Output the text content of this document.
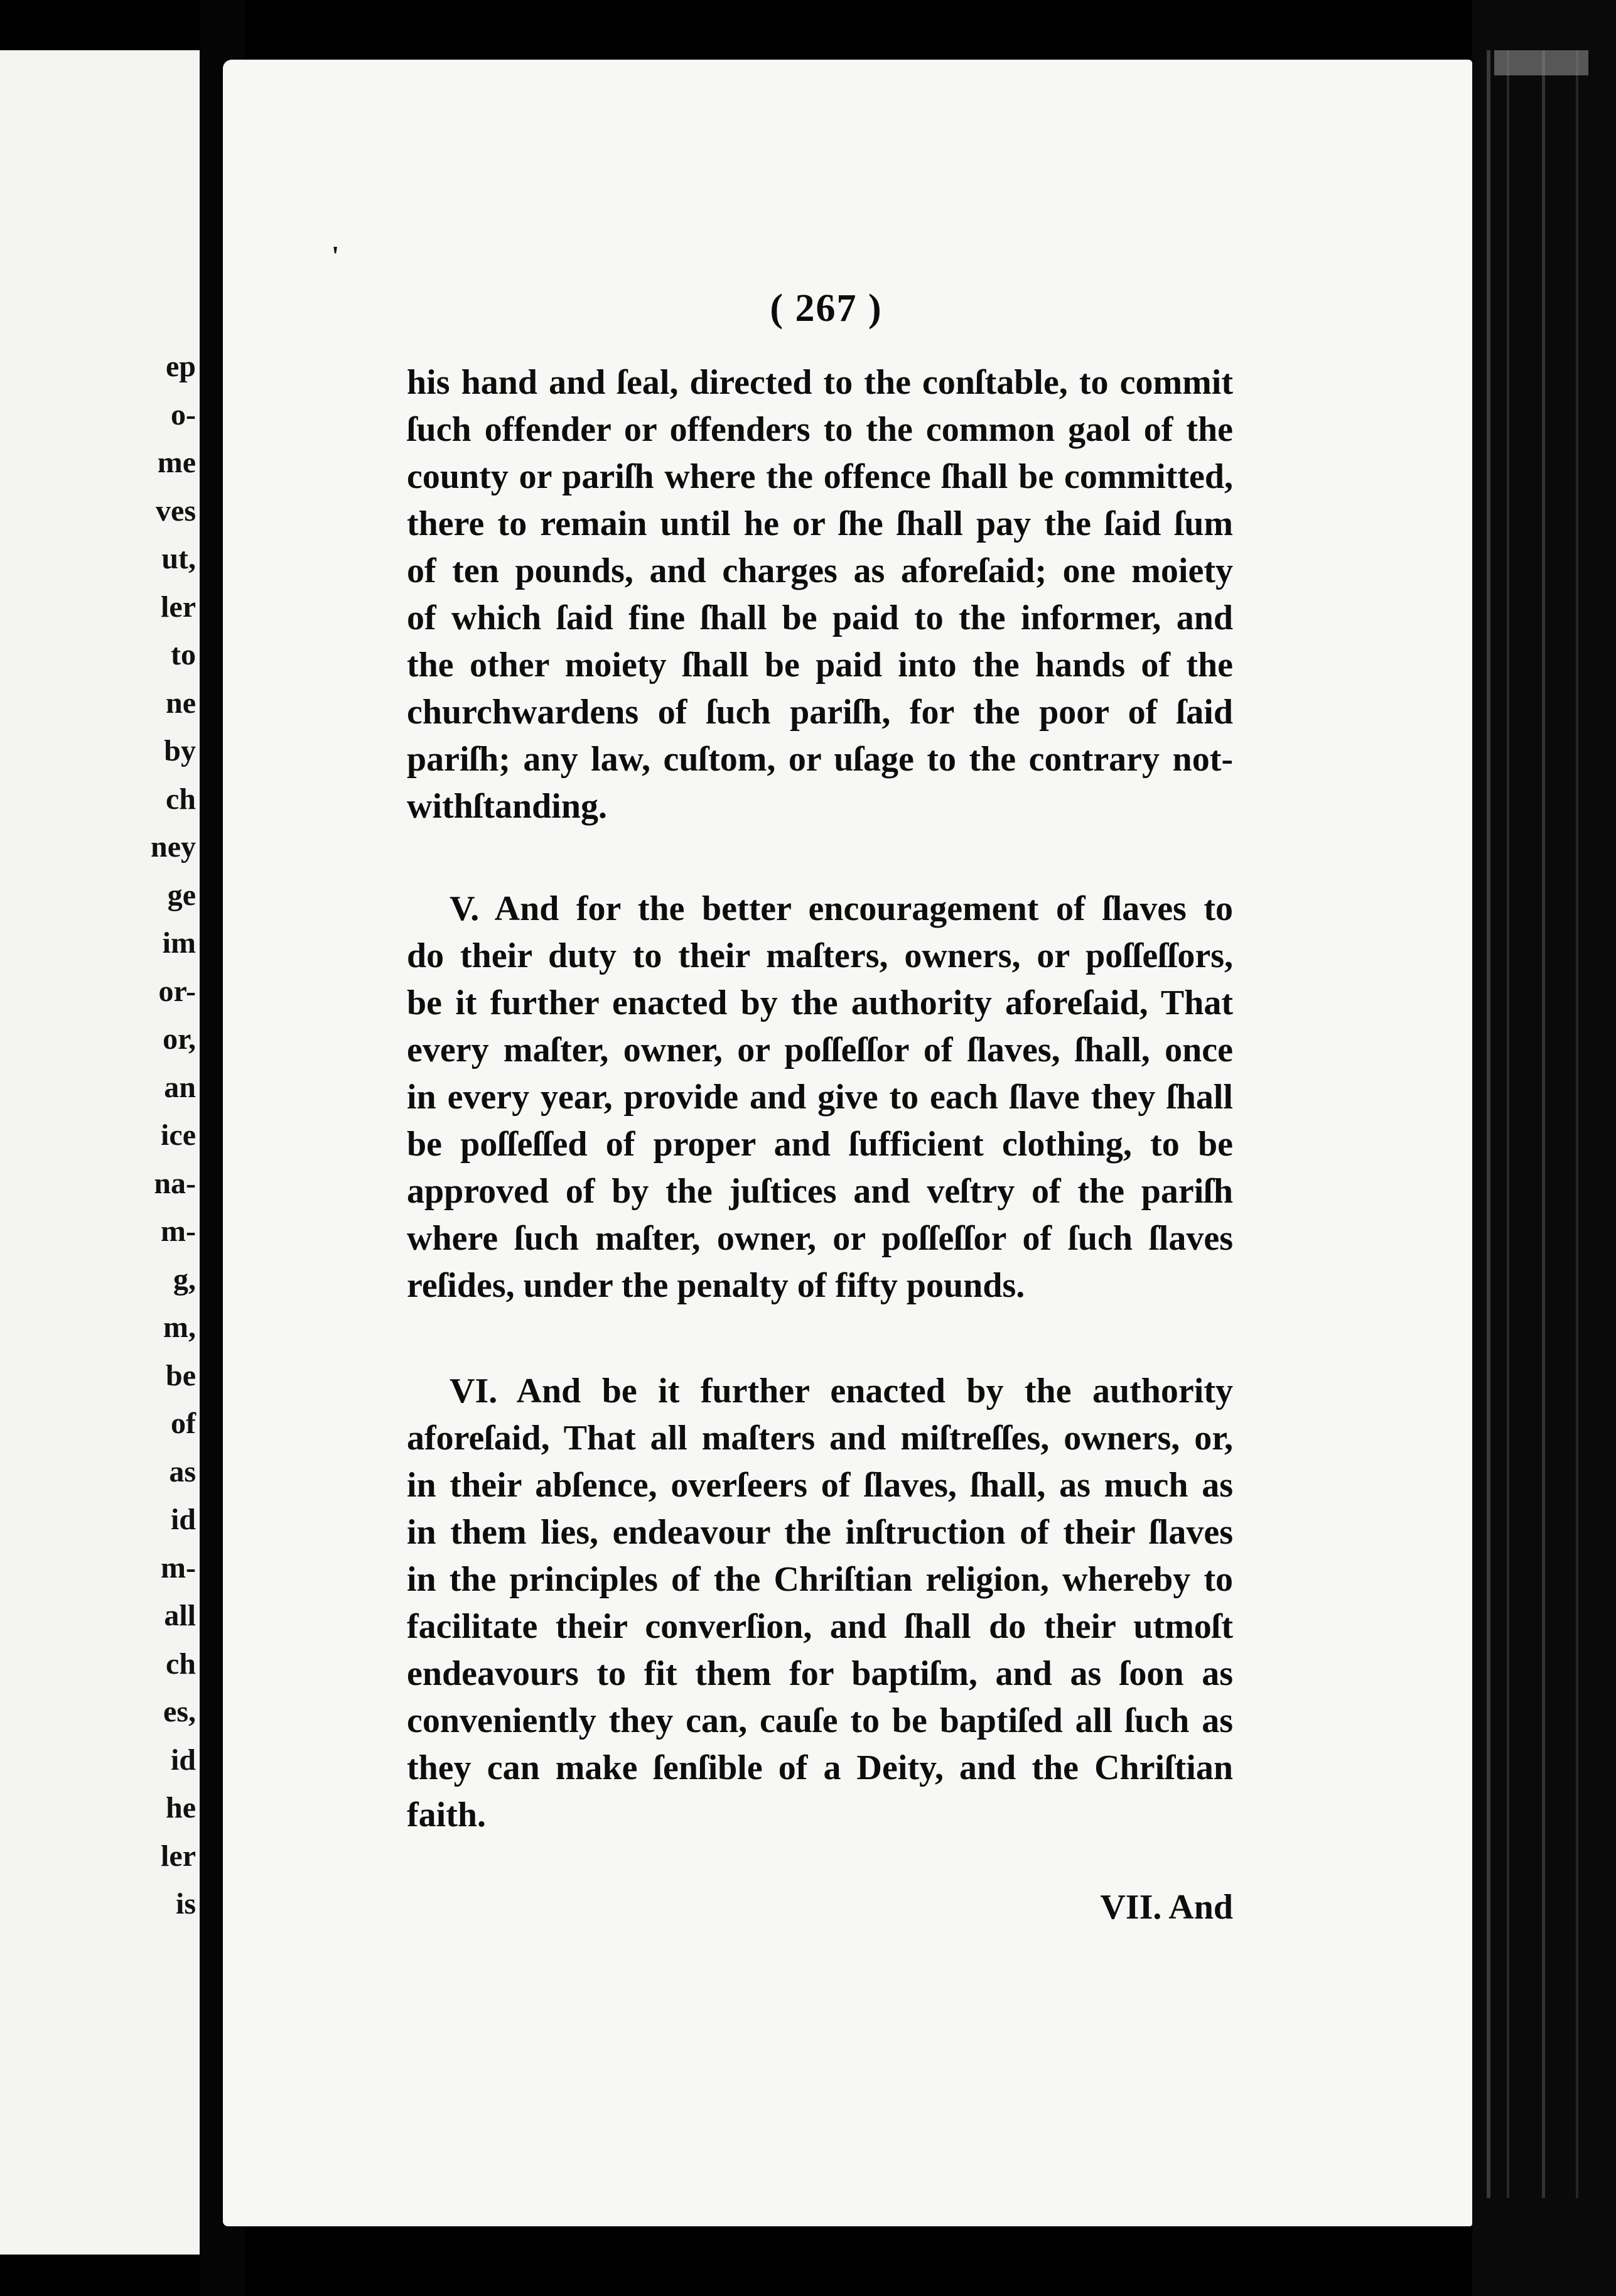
ep
o-
me
ves
ut,
ler
to
ne
by
ch
ney
ge
im
or-
or,
an
ice
na-
m-
g,
m,
be
of
as
id
m-
all
ch
es,
id
he
ler
is
'
( 267 )
his hand and ſeal, directed to the conſtable, to commit
ſuch offender or offenders to the common gaol of the
county or pariſh where the offence ſhall be committed,
there to remain until he or ſhe ſhall pay the ſaid ſum
of ten pounds, and charges as aforeſaid; one moiety
of which ſaid fine ſhall be paid to the informer, and
the other moiety ſhall be paid into the hands of the
churchwardens of ſuch pariſh, for the poor of ſaid
pariſh; any law, cuſtom, or uſage to the contrary not-
withſtanding.
V. And for the better encouragement of ſlaves to
do their duty to their maſters, owners, or poſſeſſors,
be it further enacted by the authority aforeſaid, That
every maſter, owner, or poſſeſſor of ſlaves, ſhall, once
in every year, provide and give to each ſlave they ſhall
be poſſeſſed of proper and ſufficient clothing, to be
approved of by the juſtices and veſtry of the pariſh
where ſuch maſter, owner, or poſſeſſor of ſuch ſlaves
reſides, under the penalty of fifty pounds.
VI. And be it further enacted by the authority
aforeſaid, That all maſters and miſtreſſes, owners, or,
in their abſence, overſeers of ſlaves, ſhall, as much as
in them lies, endeavour the inſtruction of their ſlaves
in the principles of the Chriſtian religion, whereby to
facilitate their converſion, and ſhall do their utmoſt
endeavours to fit them for baptiſm, and as ſoon as
conveniently they can, cauſe to be baptiſed all ſuch as
they can make ſenſible of a Deity, and the Chriſtian
faith.
VII. And
